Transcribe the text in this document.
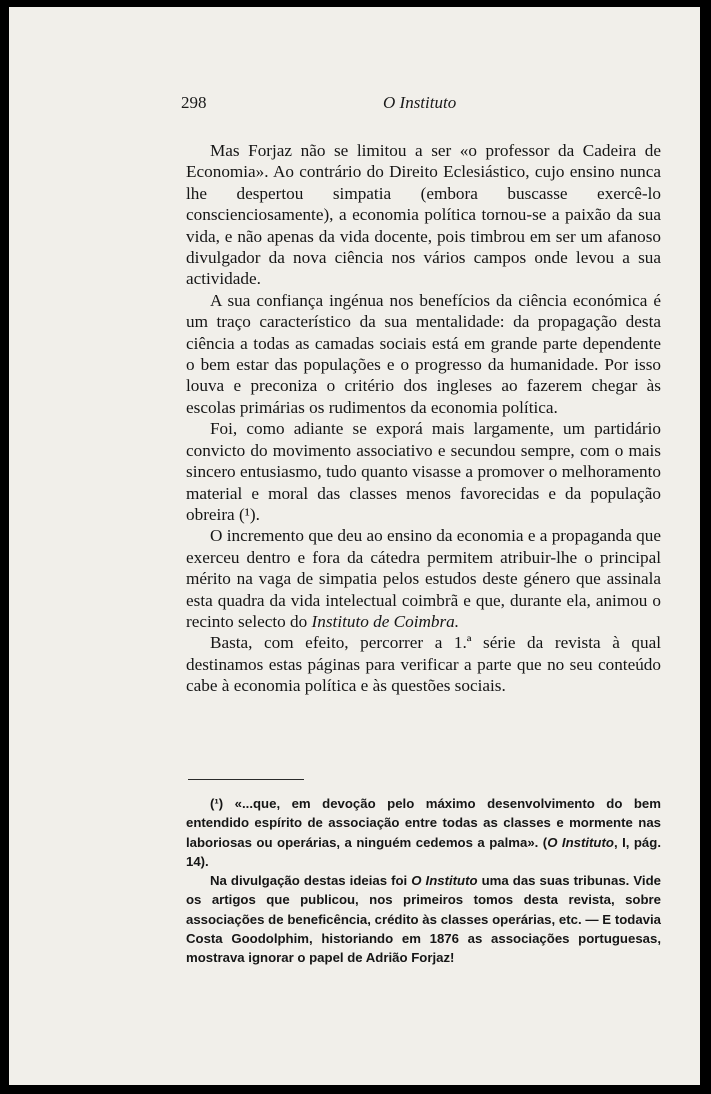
298	O Instituto

Mas Forjaz não se limitou a ser «o professor da Cadeira de Economia». Ao contrário do Direito Eclesiástico, cujo ensino nunca lhe despertou simpatia (embora buscasse exercê-lo conscienciosamente), a economia política tornou-se a paixão da sua vida, e não apenas da vida docente, pois timbrou em ser um afanoso divulgador da nova ciência nos vários campos onde levou a sua actividade.

A sua confiança ingénua nos benefícios da ciência económica é um traço característico da sua mentalidade: da propagação desta ciência a todas as camadas sociais está em grande parte dependente o bem estar das populações e o progresso da humanidade. Por isso louva e preconiza o critério dos ingleses ao fazerem chegar às escolas primárias os rudimentos da economia política.

Foi, como adiante se exporá mais largamente, um partidário convicto do movimento associativo e secundou sempre, com o mais sincero entusiasmo, tudo quanto visasse a promover o melhoramento material e moral das classes menos favorecidas e da população obreira (¹).

O incremento que deu ao ensino da economia e a propaganda que exerceu dentro e fora da cátedra permitem atribuir-lhe o principal mérito na vaga de simpatia pelos estudos deste género que assinala esta quadra da vida intelectual coimbrã e que, durante ela, animou o recinto selecto do Instituto de Coimbra.

Basta, com efeito, percorrer a 1.ª série da revista à qual destinamos estas páginas para verificar a parte que no seu conteúdo cabe à economia política e às questões sociais.

(¹) «...que, em devoção pelo máximo desenvolvimento do bem entendido espírito de associação entre todas as classes e mormente nas laboriosas ou operárias, a ninguém cedemos a palma». (O Instituto, I, pág. 14).

Na divulgação destas ideias foi O Instituto uma das suas tribunas. Vide os artigos que publicou, nos primeiros tomos desta revista, sobre associações de beneficência, crédito às classes operárias, etc. — E todavia Costa Goodolphim, historiando em 1876 as associações portuguesas, mostrava ignorar o papel de Adrião Forjaz!
